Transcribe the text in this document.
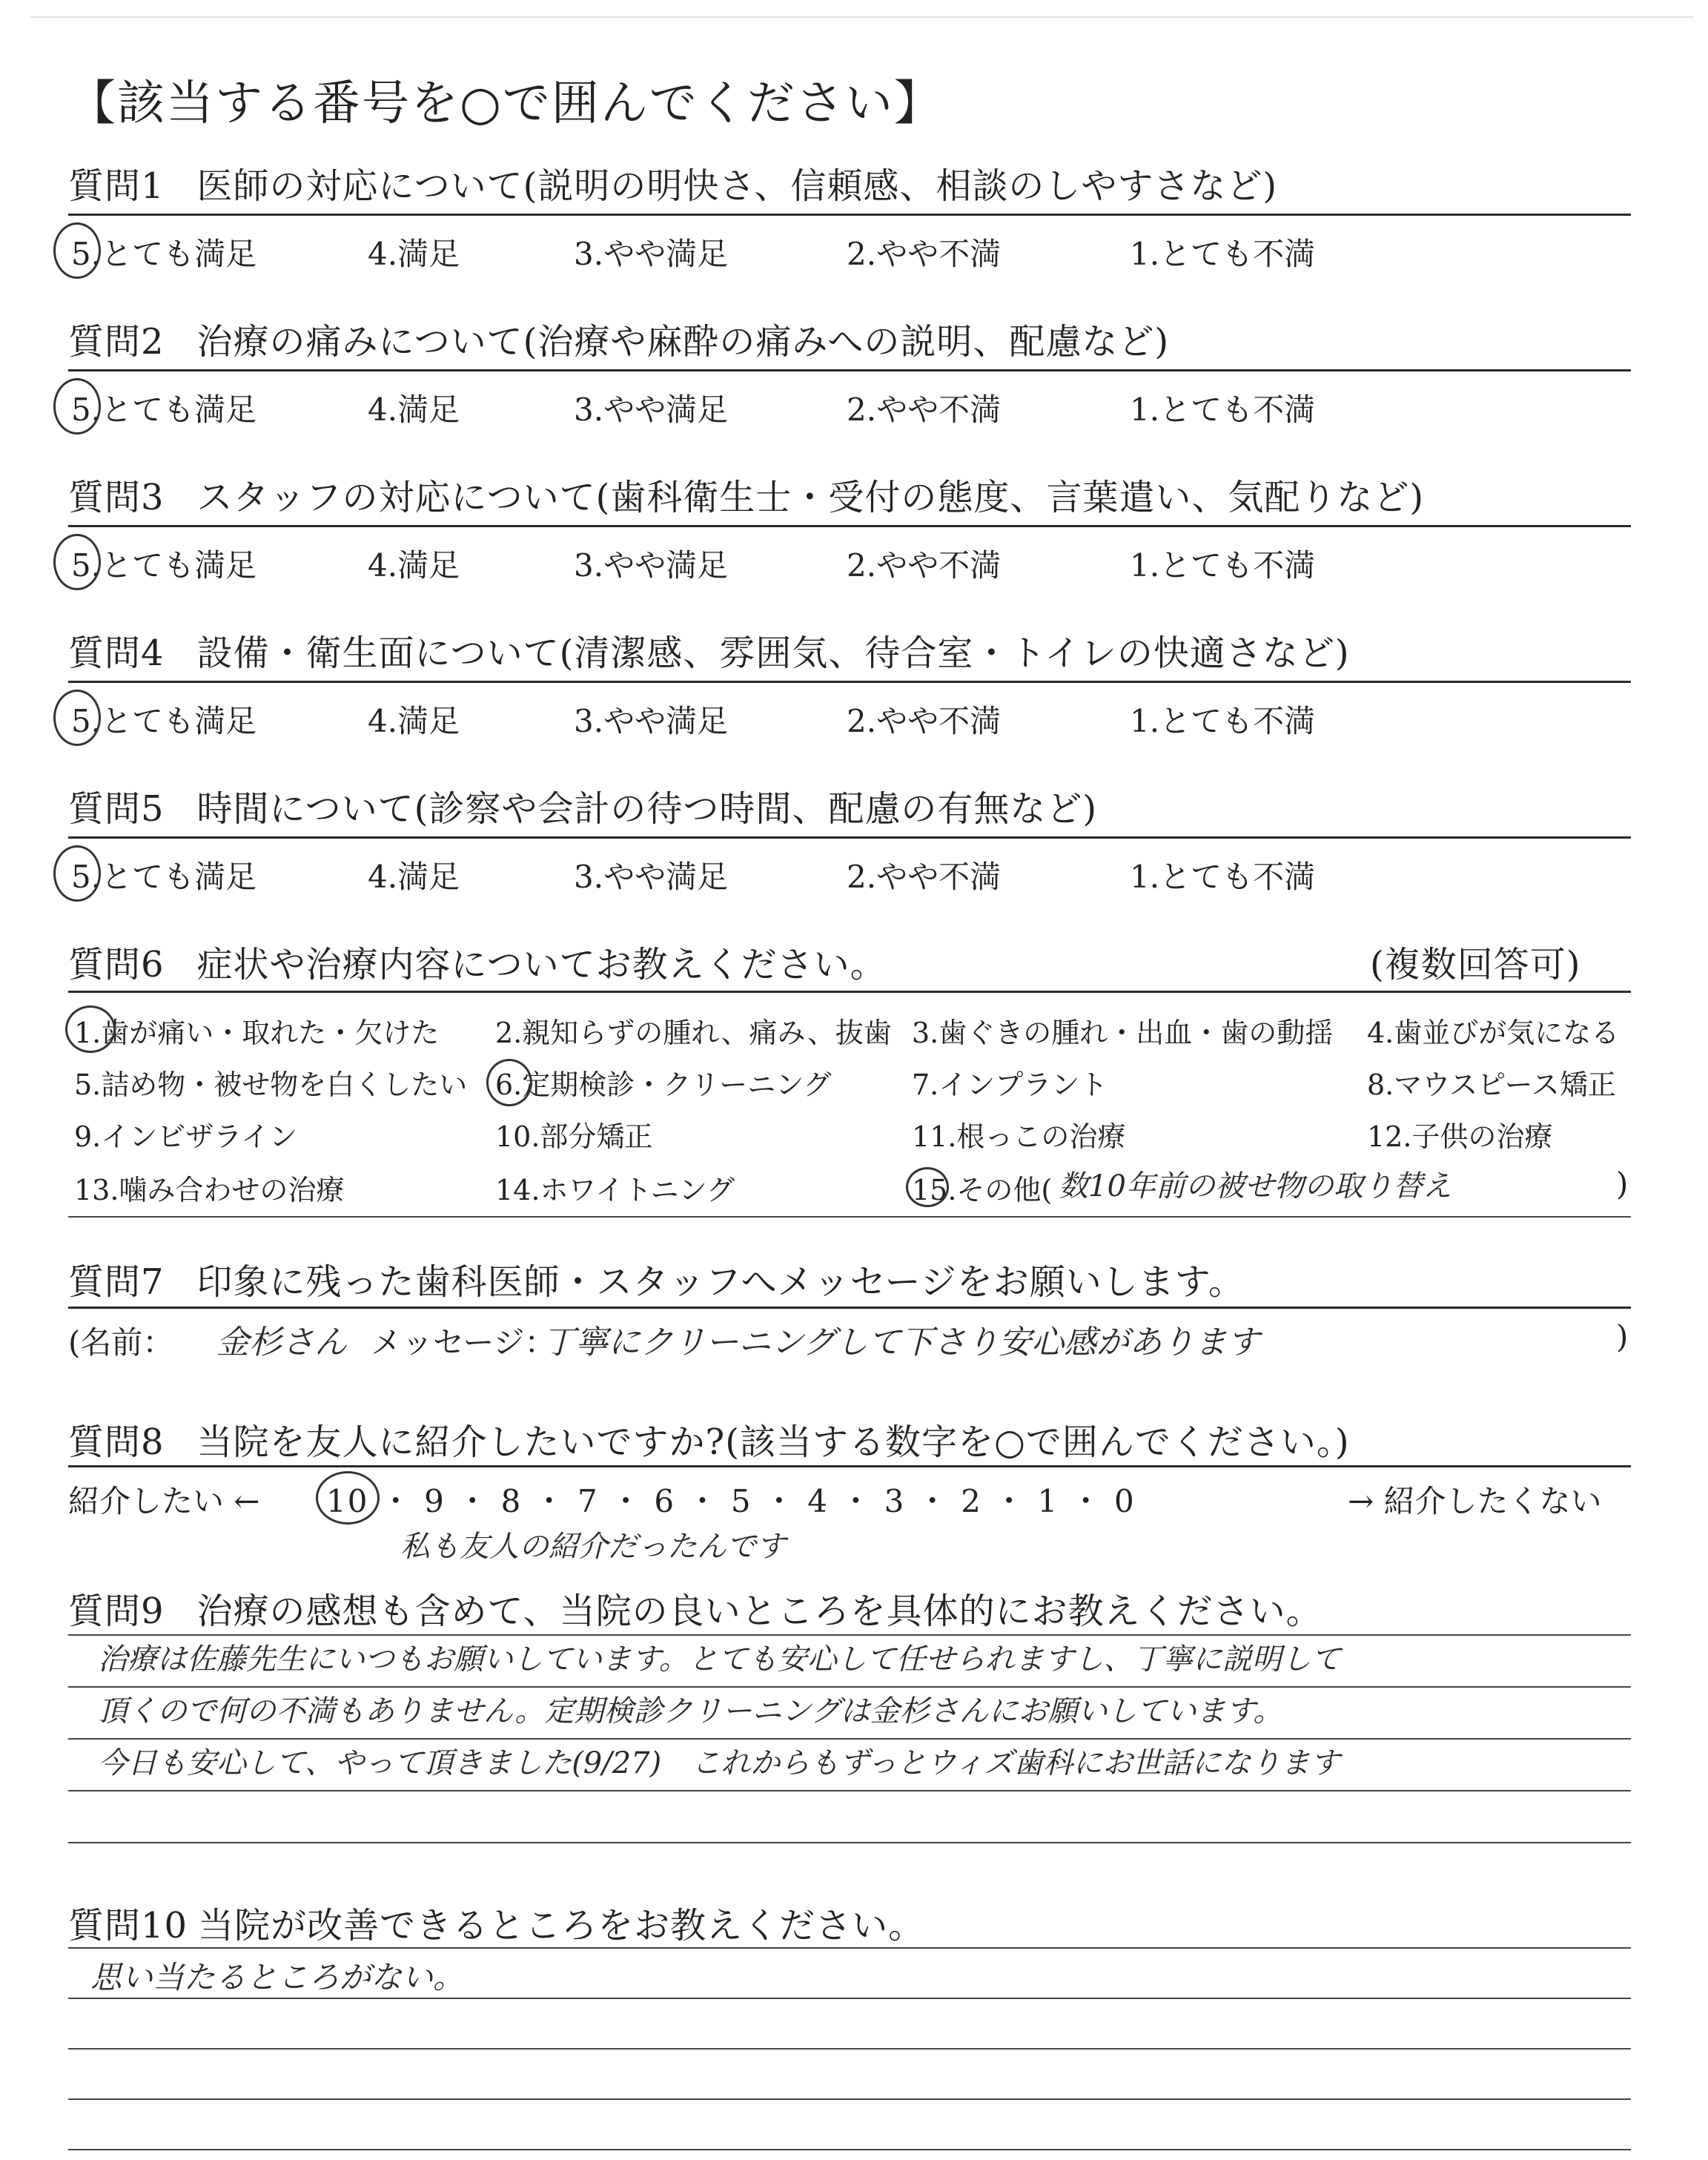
【該当する番号を○で囲んでください】
質問1 医師の対応について(説明の明快さ、信頼感、相談のしやすさなど)
5.とても満足	4.満足	3.やや満足	2.やや不満	1.とても不満
質問2 治療の痛みについて(治療や麻酔の痛みへの説明、配慮など)
5.とても満足	4.満足	3.やや満足	2.やや不満	1.とても不満
質問3 スタッフの対応について(歯科衛生士・受付の態度、言葉遣い、気配りなど)
5.とても満足	4.満足	3.やや満足	2.やや不満	1.とても不満
質問4 設備・衛生面について(清潔感、雰囲気、待合室・トイレの快適さなど)
5.とても満足	4.満足	3.やや満足	2.やや不満	1.とても不満
質問5 時間について(診察や会計の待つ時間、配慮の有無など)
5.とても満足	4.満足	3.やや満足	2.やや不満	1.とても不満
質問6 症状や治療内容についてお教えください。	(複数回答可)
1.歯が痛い・取れた・欠けた 2.親知らずの腫れ、痛み、抜歯 3.歯ぐきの腫れ・出血・歯の動揺 4.歯並びが気になる
5.詰め物・被せ物を白くしたい 6.定期検診・クリーニング	7.インプラント	8.マウスピース矯正
9.インビザライン	10.部分矯正	11.根っこの治療	12.子供の治療
13.噛み合わせの治療	14.ホワイトニング	15.その他( 数10年前の被せ物の取り替え	)
質問7 印象に残った歯科医師・スタッフへメッセージをお願いします。
(名前： 金杉さん メッセージ：
丁寧にクリーニングして下さり安心感があります	)
質問8 当院を友人に紹介したいですか?(該当する数字を○で囲んでください。)
紹介したい ← 10 ・ 9 ・ 8 ・ 7 ・ 6 ・ 5 ・ 4 ・ 3 ・ 2 ・ 1 ・ 0	→ 紹介したくない
私も友人の紹介だったんです
質問9 治療の感想も含めて、当院の良いところを具体的にお教えください。
治療は佐藤先生にいつもお願いしています。とても安心して任せられますし、丁寧に説明して
頂くので何の不満もありません。定期検診クリーニングは金杉さんにお願いしています。
今日も安心して、やって頂きました(9/27)　これからもずっとウィズ歯科にお世話になります
質問10 当院が改善できるところをお教えください。
思い当たるところがない。
